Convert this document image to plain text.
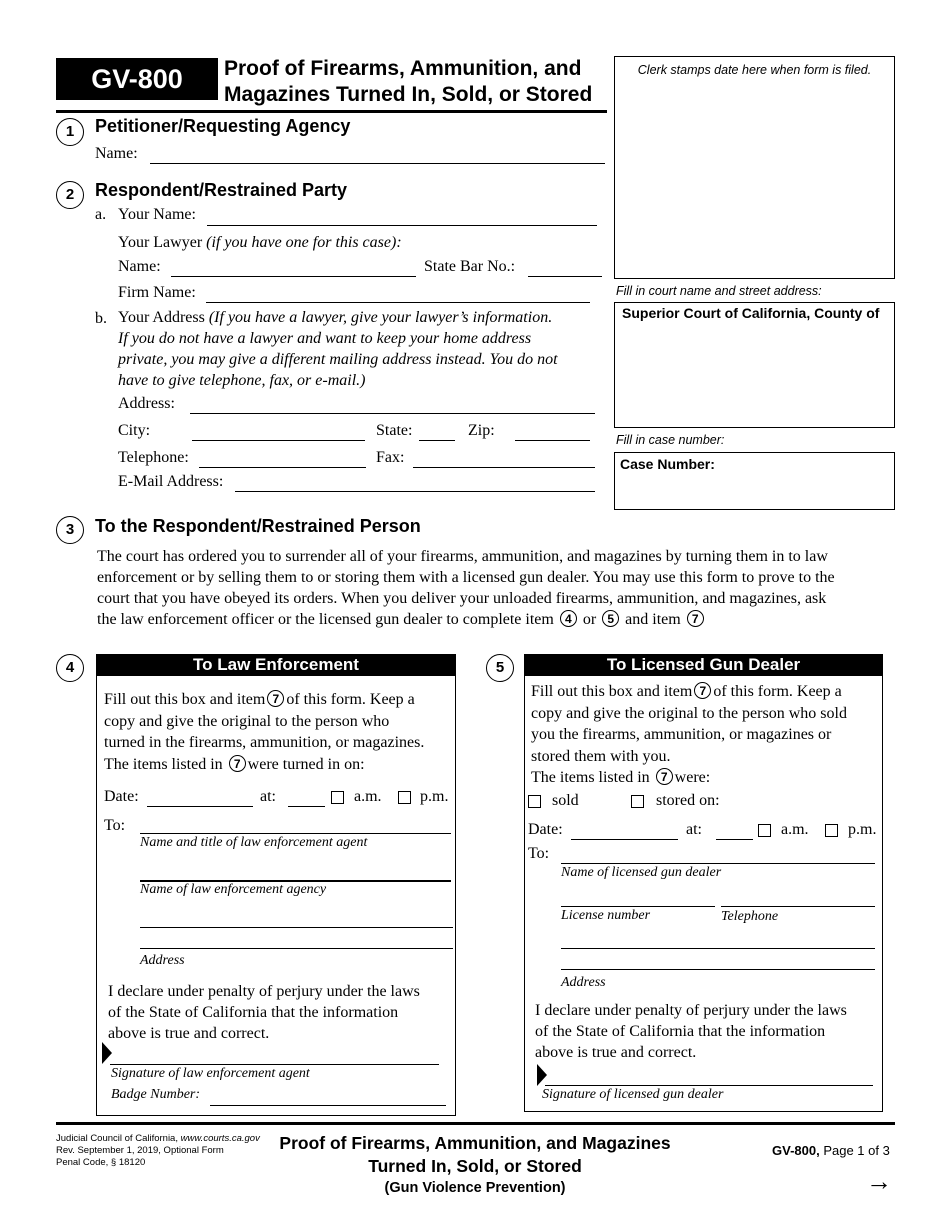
GV-800	Proof of Firearms, Ammunition, and
Magazines Turned In, Sold, or Stored
Clerk stamps date here when form is filed.
Fill in court name and street address:
Superior Court of California, County of
Fill in case number:
Case Number:
1	Petitioner/Requesting Agency
Name:
2	Respondent/Restrained Party
a. Your Name:
Your Lawyer (if you have one for this case):
Name:	State Bar No.:
Firm Name:
b. Your Address (If you have a lawyer, give your lawyer’s information.
If you do not have a lawyer and want to keep your home address
private, you may give a different mailing address instead. You do not
have to give telephone, fax, or e-mail.)
Address:
City:	State:	Zip:
Telephone:	Fax:
E-Mail Address:
3	To the Respondent/Restrained Person
The court has ordered you to surrender all of your firearms, ammunition, and magazines by turning them in to law
enforcement or by selling them to or storing them with a licensed gun dealer. You may use this form to prove to the
court that you have obeyed its orders. When you deliver your unloaded firearms, ammunition, and magazines, ask
the law enforcement officer or the licensed gun dealer to complete item 4 or 5 and item 7
4	To Law Enforcement
Fill out this box and item 7 of this form. Keep a
copy and give the original to the person who
turned in the firearms, ammunition, or magazines.
The items listed in 7 were turned in on:
Date:	at:	a.m. p.m.
To:
Name and title of law enforcement agent
Name of law enforcement agency
Address
I declare under penalty of perjury under the laws
of the State of California that the information
above is true and correct.
Signature of law enforcement agent
Badge Number:
5	To Licensed Gun Dealer
Fill out this box and item 7 of this form. Keep a
copy and give the original to the person who sold
you the firearms, ammunition, or magazines or
stored them with you.
The items listed in 7 were:
sold	stored on:
Date:	at:	a.m. p.m.
To:
Name of licensed gun dealer
License number	Telephone
Address
I declare under penalty of perjury under the laws
of the State of California that the information
above is true and correct.
Signature of licensed gun dealer
Judicial Council of California, www.courts.ca.gov
Rev. September 1, 2019, Optional Form
Penal Code, § 18120
Proof of Firearms, Ammunition, and Magazines
Turned In, Sold, or Stored
(Gun Violence Prevention)
GV-800, Page 1 of 3
→
